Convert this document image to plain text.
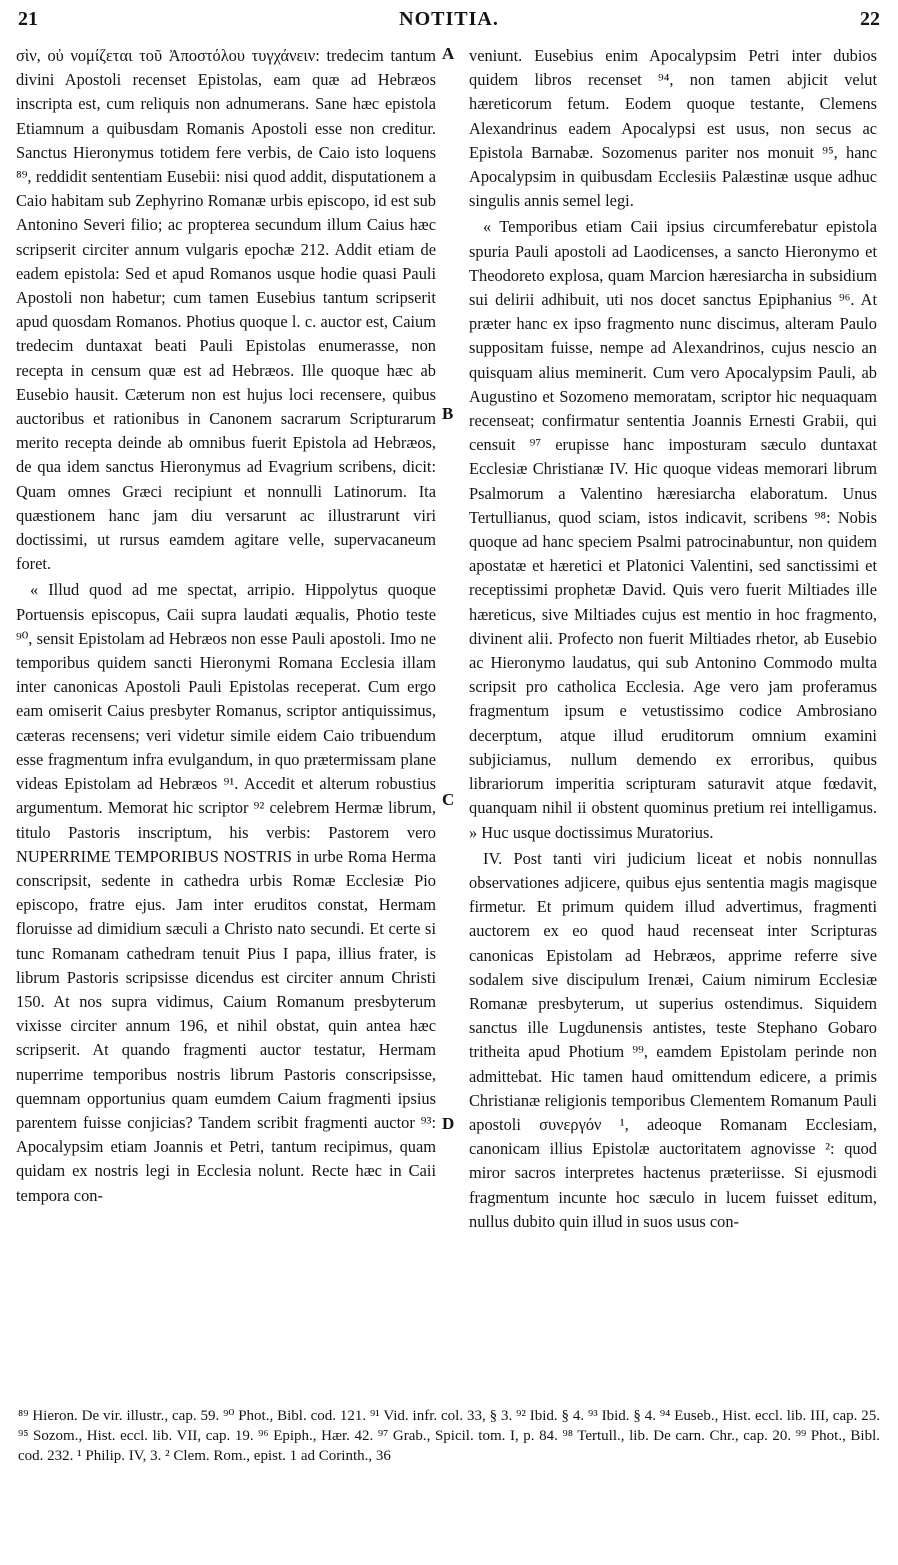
21	NOTITIA.	22

σὶν, οὐ νομίζεται τοῦ Ἀποστόλου τυγχάνειν: tredecim tantum divini Apostoli recenset Epistolas, eam quæ ad Hebræos inscripta est, cum reliquis non adnumerans. Sane hæc epistola Etiamnum a quibusdam Romanis Apostoli esse non creditur. Sanctus Hieronymus totidem fere verbis, de Caio isto loquens ⁸⁹, reddidit sententiam Eusebii: nisi quod addit, disputationem a Caio habitam sub Zephyrino Romanæ urbis episcopo, id est sub Antonino Severi filio; ac propterea secundum illum Caius hæc scripserit circiter annum vulgaris epochæ 212. Addit etiam de eadem epistola: Sed et apud Romanos usque hodie quasi Pauli Apostoli non habetur; cum tamen Eusebius tantum scripserit apud quosdam Romanos. Photius quoque l. c. auctor est, Caium tredecim duntaxat beati Pauli Epistolas enumerasse, non recepta in censum quæ est ad Hebræos. Ille quoque hæc ab Eusebio hausit. Cæterum non est hujus loci recensere, quibus auctoribus et rationibus in Canonem sacrarum Scripturarum merito recepta deinde ab omnibus fuerit Epistola ad Hebræos, de qua idem sanctus Hieronymus ad Evagrium scribens, dicit: Quam omnes Græci recipiunt et nonnulli Latinorum. Ita quæstionem hanc jam diu versarunt ac illustrarunt viri doctissimi, ut rursus eamdem agitare velle, supervacaneum foret.

« Illud quod ad me spectat, arripio. Hippolytus quoque Portuensis episcopus, Caii supra laudati æqualis, Photio teste ⁹⁰, sensit Epistolam ad Hebræos non esse Pauli apostoli. Imo ne temporibus quidem sancti Hieronymi Romana Ecclesia illam inter canonicas Apostoli Pauli Epistolas receperat. Cum ergo eam omiserit Caius presbyter Romanus, scriptor antiquissimus, cæteras recensens; veri videtur simile eidem Caio tribuendum esse fragmentum infra evulgandum, in quo prætermissam plane videas Epistolam ad Hebræos ⁹¹. Accedit et alterum robustius argumentum. Memorat hic scriptor ⁹² celebrem Hermæ librum, titulo Pastoris inscriptum, his verbis: Pastorem vero NUPERRIME TEMPORIBUS NOSTRIS in urbe Roma Herma conscripsit, sedente in cathedra urbis Romæ Ecclesiæ Pio episcopo, fratre ejus. Jam inter eruditos constat, Hermam floruisse ad dimidium sæculi a Christo nato secundi. Et certe si tunc Romanam cathedram tenuit Pius I papa, illius frater, is librum Pastoris scripsisse dicendus est circiter annum Christi 150. At nos supra vidimus, Caium Romanum presbyterum vixisse circiter annum 196, et nihil obstat, quin antea hæc scripserit. At quando fragmenti auctor testatur, Hermam nuperrime temporibus nostris librum Pastoris conscripsisse, quemnam opportunius quam eumdem Caium fragmenti ipsius parentem fuisse conjicias? Tandem scribit fragmenti auctor ⁹³: Apocalypsim etiam Joannis et Petri, tantum recipimus, quam quidam ex nostris legi in Ecclesia nolunt. Recte hæc in Caii tempora con-

A
B
C
D

veniunt. Eusebius enim Apocalypsim Petri inter dubios quidem libros recenset ⁹⁴, non tamen abjicit velut hæreticorum fetum. Eodem quoque testante, Clemens Alexandrinus eadem Apocalypsi est usus, non secus ac Epistola Barnabæ. Sozomenus pariter nos monuit ⁹⁵, hanc Apocalypsim in quibusdam Ecclesiis Palæstinæ usque adhuc singulis annis semel legi.

« Temporibus etiam Caii ipsius circumferebatur epistola spuria Pauli apostoli ad Laodicenses, a sancto Hieronymo et Theodoreto explosa, quam Marcion hæresiarcha in subsidium sui delirii adhibuit, uti nos docet sanctus Epiphanius ⁹⁶. At præter hanc ex ipso fragmento nunc discimus, alteram Paulo suppositam fuisse, nempe ad Alexandrinos, cujus nescio an quisquam alius meminerit. Cum vero Apocalypsim Pauli, ab Augustino et Sozomeno memoratam, scriptor hic nequaquam recenseat; confirmatur sententia Joannis Ernesti Grabii, qui censuit ⁹⁷ erupisse hanc imposturam sæculo duntaxat Ecclesiæ Christianæ IV. Hic quoque videas memorari librum Psalmorum a Valentino hæresiarcha elaboratum. Unus Tertullianus, quod sciam, istos indicavit, scribens ⁹⁸: Nobis quoque ad hanc speciem Psalmi patrocinabuntur, non quidem apostatæ et hæretici et Platonici Valentini, sed sanctissimi et receptissimi prophetæ David. Quis vero fuerit Miltiades ille hæreticus, sive Miltiades cujus est mentio in hoc fragmento, divinent alii. Profecto non fuerit Miltiades rhetor, ab Eusebio ac Hieronymo laudatus, qui sub Antonino Commodo multa scripsit pro catholica Ecclesia. Age vero jam proferamus fragmentum ipsum e vetustissimo codice Ambrosiano decerptum, atque illud eruditorum omnium examini subjiciamus, nullum demendo ex erroribus, quibus librariorum imperitia scripturam saturavit atque fœdavit, quanquam nihil ii obstent quominus pretium rei intelligamus. » Huc usque doctissimus Muratorius.

IV. Post tanti viri judicium liceat et nobis nonnullas observationes adjicere, quibus ejus sententia magis magisque firmetur. Et primum quidem illud advertimus, fragmenti auctorem ex eo quod haud recenseat inter Scripturas canonicas Epistolam ad Hebræos, apprime referre sive sodalem sive discipulum Irenæi, Caium nimirum Ecclesiæ Romanæ presbyterum, ut superius ostendimus. Siquidem sanctus ille Lugdunensis antistes, teste Stephano Gobaro tritheita apud Photium ⁹⁹, eamdem Epistolam perinde non admittebat. Hic tamen haud omittendum edicere, a primis Christianæ religionis temporibus Clementem Romanum Pauli apostoli συνεργόν ¹, adeoque Romanam Ecclesiam, canonicam illius Epistolæ auctoritatem agnovisse ²: quod miror sacros interpretes hactenus præteriisse. Si ejusmodi fragmentum incunte hoc sæculo in lucem fuisset editum, nullus dubito quin illud in suos usus con-

⁸⁹ Hieron. De vir. illustr., cap. 59. ⁹⁰ Phot., Bibl. cod. 121. ⁹¹ Vid. infr. col. 33, § 3. ⁹² Ibid. § 4. ⁹³ Ibid. § 4. ⁹⁴ Euseb., Hist. eccl. lib. III, cap. 25. ⁹⁵ Sozom., Hist. eccl. lib. VII, cap. 19. ⁹⁶ Epiph., Hær. 42. ⁹⁷ Grab., Spicil. tom. I, p. 84. ⁹⁸ Tertull., lib. De carn. Chr., cap. 20. ⁹⁹ Phot., Bibl. cod. 232. ¹ Philip. IV, 3. ² Clem. Rom., epist. 1 ad Corinth., 36
